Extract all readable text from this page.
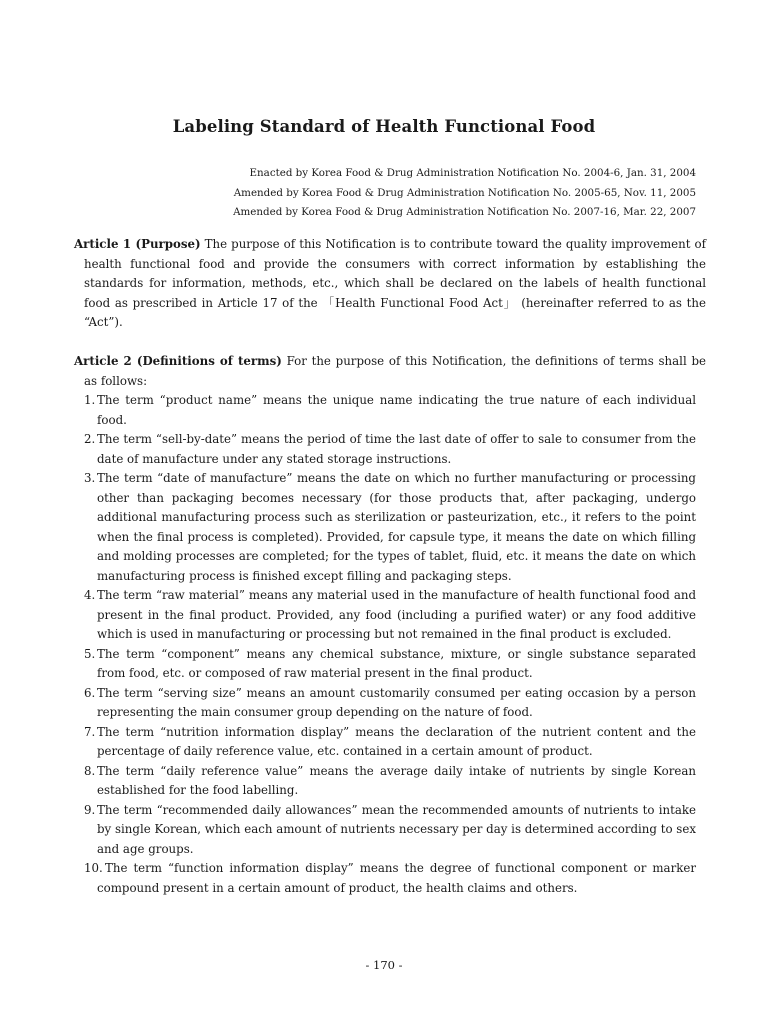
Labeling Standard of Health Functional Food
Enacted by Korea Food & Drug Administration Notification No. 2004-6, Jan. 31, 2004
Amended by Korea Food & Drug Administration Notification No. 2005-65, Nov. 11, 2005
Amended by Korea Food & Drug Administration Notification No. 2007-16, Mar. 22, 2007
Article 1 (Purpose) The purpose of this Notification is to contribute toward the quality improvement of health functional food and provide the consumers with correct information by establishing the standards for information, methods, etc., which shall be declared on the labels of health functional food as prescribed in Article 17 of the 「Health Functional Food Act」 (hereinafter referred to as the “Act”).
Article 2 (Definitions of terms) For the purpose of this Notification, the definitions of terms shall be as follows:
1. The term “product name” means the unique name indicating the true nature of each individual food.
2. The term “sell-by-date” means the period of time the last date of offer to sale to consumer from the date of manufacture under any stated storage instructions.
3. The term “date of manufacture” means the date on which no further manufacturing or processing other than packaging becomes necessary (for those products that, after packaging, undergo additional manufacturing process such as sterilization or pasteurization, etc., it refers to the point when the final process is completed). Provided, for capsule type, it means the date on which filling and molding processes are completed; for the types of tablet, fluid, etc. it means the date on which manufacturing process is finished except filling and packaging steps.
4. The term “raw material” means any material used in the manufacture of health functional food and present in the final product. Provided, any food (including a purified water) or any food additive which is used in manufacturing or processing but not remained in the final product is excluded.
5. The term “component” means any chemical substance, mixture, or single substance separated from food, etc. or composed of raw material present in the final product.
6. The term “serving size” means an amount customarily consumed per eating occasion by a person representing the main consumer group depending on the nature of food.
7. The term “nutrition information display” means the declaration of the nutrient content and the percentage of daily reference value, etc. contained in a certain amount of product.
8. The term “daily reference value” means the average daily intake of nutrients by single Korean established for the food labelling.
9. The term “recommended daily allowances” mean the recommended amounts of nutrients to intake by single Korean, which each amount of nutrients necessary per day is determined according to sex and age groups.
10. The term “function information display” means the degree of functional component or marker compound present in a certain amount of product, the health claims and others.
- 170 -
